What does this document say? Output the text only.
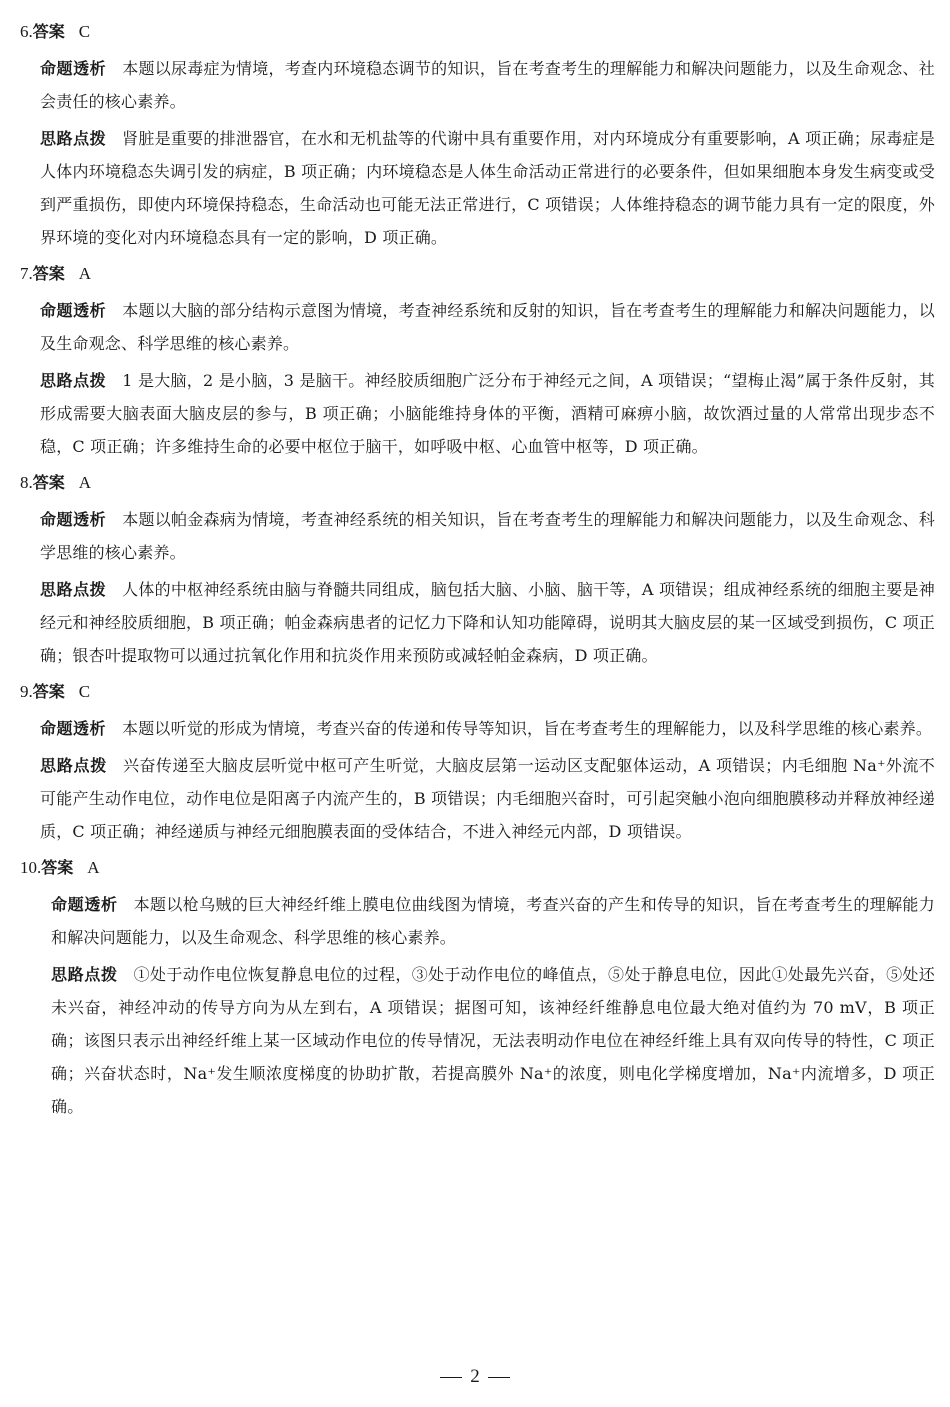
6.答案 C

命题透析 本题以尿毒症为情境，考查内环境稳态调节的知识，旨在考查考生的理解能力和解决问题能力，以及生命观念、社会责任的核心素养。

思路点拨 肾脏是重要的排泄器官，在水和无机盐等的代谢中具有重要作用，对内环境成分有重要影响，A 项正确；尿毒症是人体内环境稳态失调引发的病症，B 项正确；内环境稳态是人体生命活动正常进行的必要条件，但如果细胞本身发生病变或受到严重损伤，即使内环境保持稳态，生命活动也可能无法正常进行，C 项错误；人体维持稳态的调节能力具有一定的限度，外界环境的变化对内环境稳态具有一定的影响，D 项正确。

7.答案 A

命题透析 本题以大脑的部分结构示意图为情境，考查神经系统和反射的知识，旨在考查考生的理解能力和解决问题能力，以及生命观念、科学思维的核心素养。

思路点拨 1 是大脑，2 是小脑，3 是脑干。神经胶质细胞广泛分布于神经元之间，A 项错误；“望梅止渴”属于条件反射，其形成需要大脑表面大脑皮层的参与，B 项正确；小脑能维持身体的平衡，酒精可麻痹小脑，故饮酒过量的人常常出现步态不稳，C 项正确；许多维持生命的必要中枢位于脑干，如呼吸中枢、心血管中枢等，D 项正确。

8.答案 A

命题透析 本题以帕金森病为情境，考查神经系统的相关知识，旨在考查考生的理解能力和解决问题能力，以及生命观念、科学思维的核心素养。

思路点拨 人体的中枢神经系统由脑与脊髓共同组成，脑包括大脑、小脑、脑干等，A 项错误；组成神经系统的细胞主要是神经元和神经胶质细胞，B 项正确；帕金森病患者的记忆力下降和认知功能障碍，说明其大脑皮层的某一区域受到损伤，C 项正确；银杏叶提取物可以通过抗氧化作用和抗炎作用来预防或减轻帕金森病，D 项正确。

9.答案 C

命题透析 本题以听觉的形成为情境，考查兴奋的传递和传导等知识，旨在考查考生的理解能力，以及科学思维的核心素养。

思路点拨 兴奋传递至大脑皮层听觉中枢可产生听觉，大脑皮层第一运动区支配躯体运动，A 项错误；内毛细胞 Na⁺外流不可能产生动作电位，动作电位是阳离子内流产生的，B 项错误；内毛细胞兴奋时，可引起突触小泡向细胞膜移动并释放神经递质，C 项正确；神经递质与神经元细胞膜表面的受体结合，不进入神经元内部，D 项错误。

10.答案 A

命题透析 本题以枪乌贼的巨大神经纤维上膜电位曲线图为情境，考查兴奋的产生和传导的知识，旨在考查考生的理解能力和解决问题能力，以及生命观念、科学思维的核心素养。

思路点拨 ①处于动作电位恢复静息电位的过程，③处于动作电位的峰值点，⑤处于静息电位，因此①处最先兴奋，⑤处还未兴奋，神经冲动的传导方向为从左到右，A 项错误；据图可知，该神经纤维静息电位最大绝对值约为 70 mV，B 项正确；该图只表示出神经纤维上某一区域动作电位的传导情况，无法表明动作电位在神经纤维上具有双向传导的特性，C 项正确；兴奋状态时，Na⁺发生顺浓度梯度的协助扩散，若提高膜外 Na⁺的浓度，则电化学梯度增加，Na⁺内流增多，D 项正确。

2
